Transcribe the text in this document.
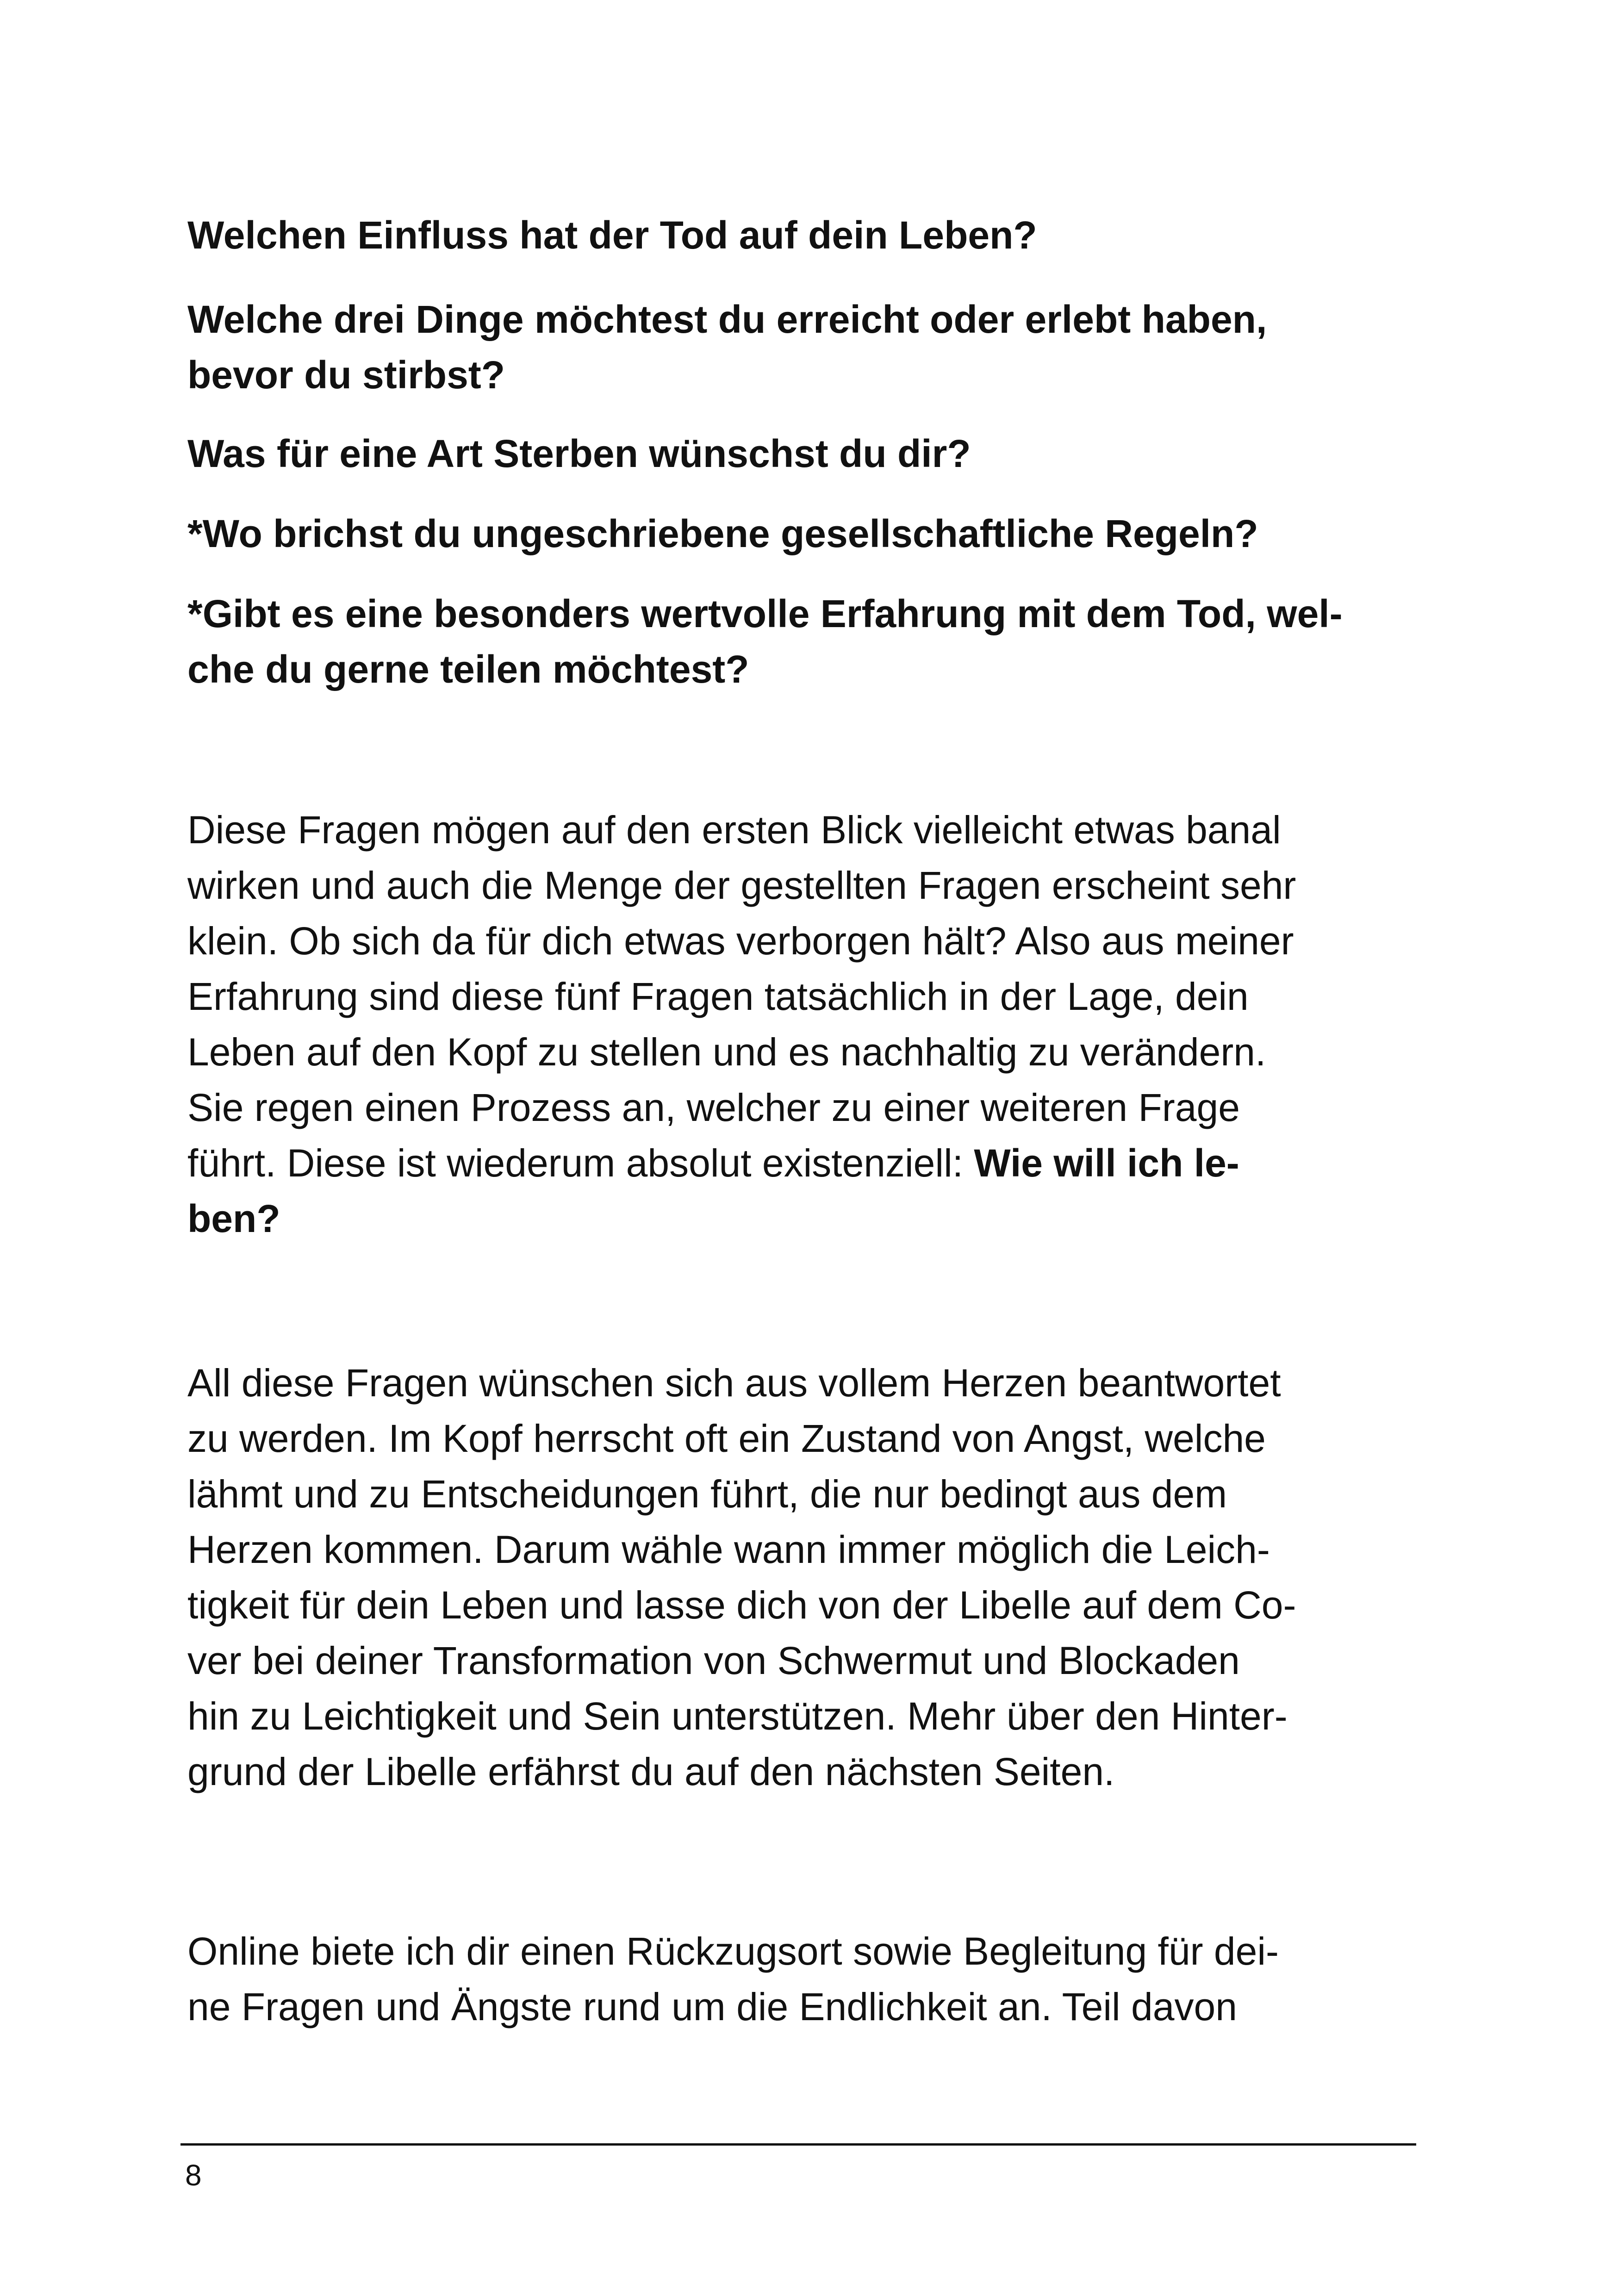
Welchen Einfluss hat der Tod auf dein Leben?

Welche drei Dinge möchtest du erreicht oder erlebt haben,
bevor du stirbst?

Was für eine Art Sterben wünschst du dir?

*Wo brichst du ungeschriebene gesellschaftliche Regeln?

*Gibt es eine besonders wertvolle Erfahrung mit dem Tod, wel-
che du gerne teilen möchtest?

Diese Fragen mögen auf den ersten Blick vielleicht etwas banal
wirken und auch die Menge der gestellten Fragen erscheint sehr
klein. Ob sich da für dich etwas verborgen hält? Also aus meiner
Erfahrung sind diese fünf Fragen tatsächlich in der Lage, dein
Leben auf den Kopf zu stellen und es nachhaltig zu verändern.
Sie regen einen Prozess an, welcher zu einer weiteren Frage
führt. Diese ist wiederum absolut existenziell: Wie will ich le-
ben?

All diese Fragen wünschen sich aus vollem Herzen beantwortet
zu werden. Im Kopf herrscht oft ein Zustand von Angst, welche
lähmt und zu Entscheidungen führt, die nur bedingt aus dem
Herzen kommen. Darum wähle wann immer möglich die Leich-
tigkeit für dein Leben und lasse dich von der Libelle auf dem Co-
ver bei deiner Transformation von Schwermut und Blockaden
hin zu Leichtigkeit und Sein unterstützen. Mehr über den Hinter-
grund der Libelle erfährst du auf den nächsten Seiten.

Online biete ich dir einen Rückzugsort sowie Begleitung für dei-
ne Fragen und Ängste rund um die Endlichkeit an. Teil davon

8
